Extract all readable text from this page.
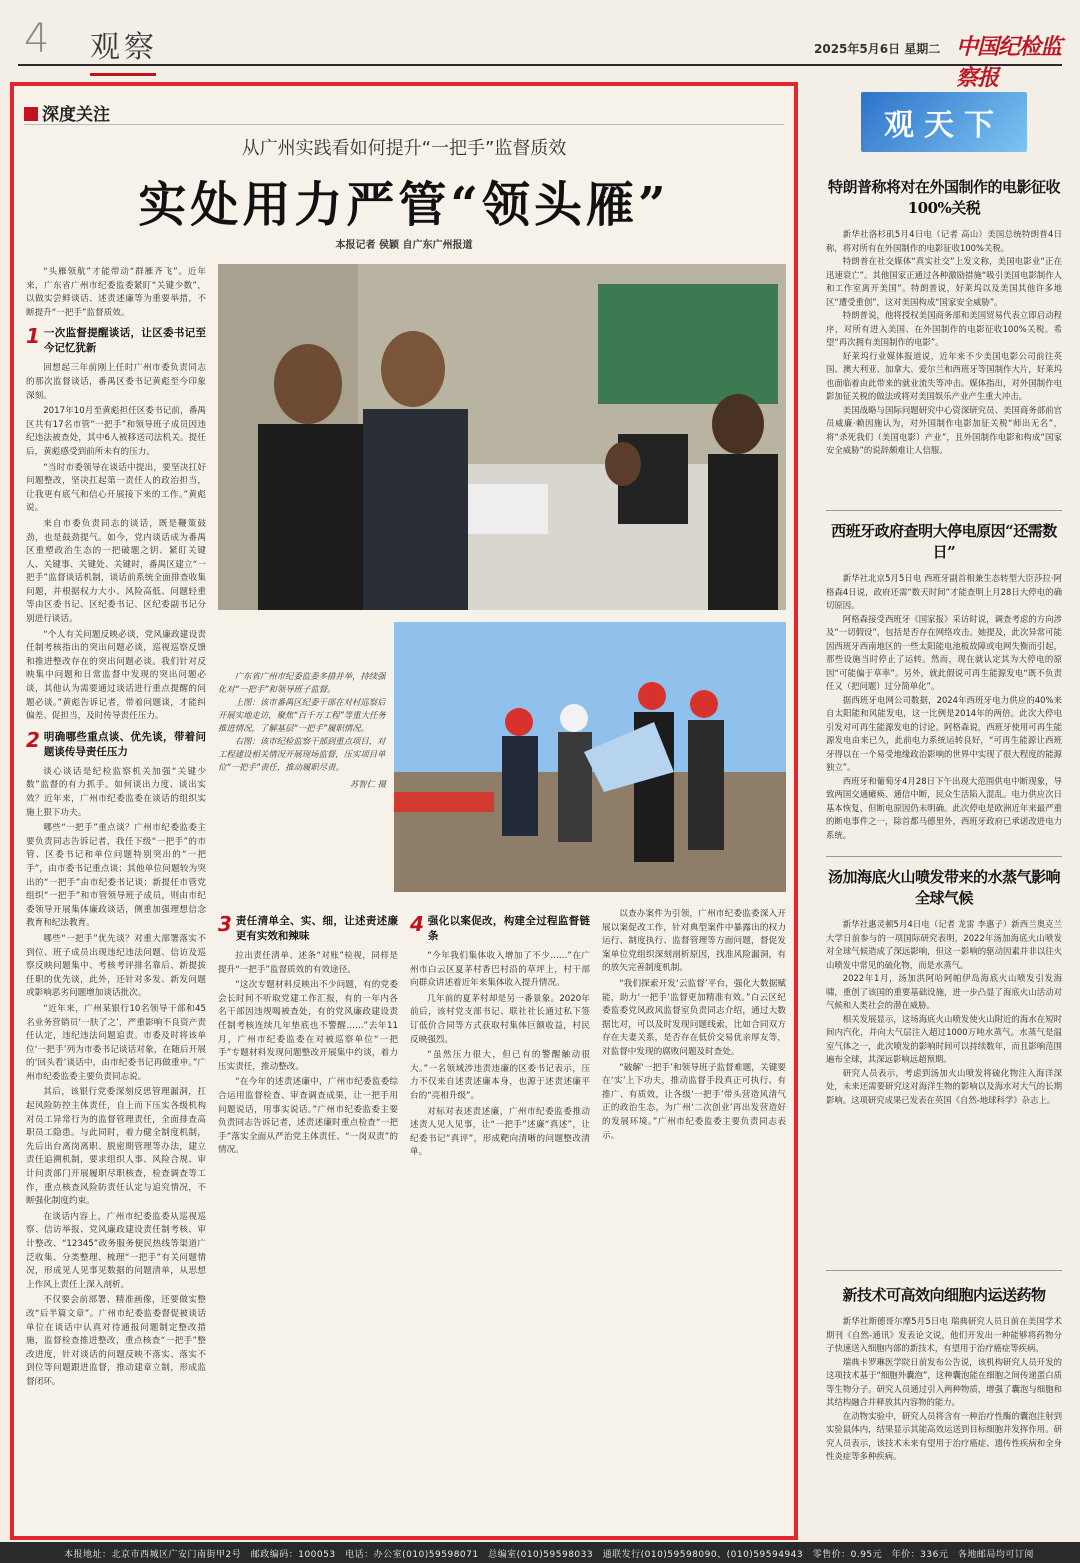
4 观察	2025年5月6日 星期二 中国纪检监察报
深度关注
从广州实践看如何提升“一把手”监督质效
实处用力严管“领头雁”
本报记者 侯颖 自广东广州报道

“头雁领航”才能带动“群雁齐飞”。近年来，广东省广州市纪委监委紧盯“关键少数”，以做实尝鲜谈话、述责述廉等为重要举措，不断提升“一把手”监督质效。

1 一次监督提醒谈话，让区委书记至今记忆犹新

回想起三年前刚上任时广州市委负责同志的那次监督谈话，番禺区委书记黄彪至今印象深刻。

2017年10月至黄彪担任区委书记前，番禺区共有17名市管“一把手”和领导班子成员因违纪违法被查处，其中6人被移送司法机关。提任后，黄彪感受到前所未有的压力。

“当时市委领导在谈话中提出，要坚决扛好问题整改，坚决扛起第一责任人的政治担当，让我更有底气和信心开展接下来的工作。”黄彪说。

来自市委负责同志的谈话，既是鞭策鼓劲，也是鼓劲提气。如今，党内谈话成为番禺区重塑政治生态的一把破题之钥、紧盯关键人、关键事、关键处、关键时，番禺区建立“一把手”监督谈话机制，谈话前系统全面排查收集问题，并根据权力大小、风险高低、问题轻重等由区委书记、区纪委书记、区纪委副书记分别进行谈话。

“个人有关问题反映必谈，党风廉政建设责任制考核指出的突出问题必谈，巡视巡察反馈和推进整改存在的突出问题必谈。我们针对反映集中问题和日常监督中发现的突出问题必谈，其他认为需要通过谈话进行重点提醒的问题必谈。”黄彪告诉记者，带着问题谈，才能纠偏差、促担当，及时传导责任压力。

2 明确哪些重点谈、优先谈，带着问题谈传导责任压力

谈心谈话是纪检监察机关加强“关键少数”监督的有力抓手。如何谈出力度、谈出实效？近年来，广州市纪委监委在谈话的组织实施上狠下功夫。

哪些“一把手”重点谈？广州市纪委监委主要负责同志告诉记者，我任下级“一把手”的市管、区委书记和单位问题特别突出的“一把手”，由市委书记重点谈；其他单位问题较为突出的“一把手”由市纪委书记谈；新提任市管党组织“一把手”和市管领导班子成员，则由市纪委领导开展集体廉政谈话，侧重加强理想信念教育和纪法教育。

哪些“一把手”优先谈？对重大部署落实不到位、班子成员出现违纪违法问题、信访及巡察反映问题集中、考核考评排名靠后、新提拔任职的优先谈，此外，还针对多发、新发问题或影响恶劣问题增加谈话批次。

“近年来，广州某银行10名领导干部和45名业务营销员‘一肤了之’，严重影响不良资产责任认定，违纪违法问题追责。市委及时将该单位‘一把手’列为市委书记谈话对象，在随后开展的‘回头看’谈话中，由市纪委书记再做重申。”广州市纪委监委主要负责同志说。

其后，该银行党委深刻反思管理漏洞，扛起风险防控主体责任，自上而下压实各级机构对员工异常行为的监督管理责任，全面排查高职员工隐患。与此同时，着力健全制度机制，先后出台离岗离职、脱密期管理等办法，建立责任追溯机制，要求组织人事、风险合规、审计问责部门开展履职尽职核查，检查调查等工作，重点核查风险防责任认定与追究情况，不断强化制度约束。

在谈话内容上，广州市纪委监委从巡视巡察、信访举报、党风廉政建设责任制考核、审计整改、“12345”政务服务便民热线等渠道广泛收集、分类整理、梳理“一把手”有关问题情况，形成见人见事见数据的问题清单，从思想上作风上责任上深入剖析。

不仅要会前部署、精准画像，还要做实整改“后半篇文章”。广州市纪委监委督促被谈话单位在谈话中认真对待通报问题制定整改措施，监督检查推进整改，重点核查“一把手”整改进度，针对谈话的问题反映不落实、落实不到位等问题跟进监督，推动建章立制，形成监督闭环。

广东省广州市纪委监委多措并举，持续强化对“一把手”和领导班子监督。

上图：该市番禺区纪委干部在对村巡察后开展实地走访，聚焦“百千万工程”等重大任务推进情况，了解基层“一把手”履职情况。

右图：该市纪检监察干部到重点项目，对工程建设相关情况开展现场监督，压实项目单位“一把手”责任，推动履职尽责。

苏智仁 摄
3 责任清单全、实、细，让述责述廉更有实效和辣味

拉出责任清单、述条“对账”检视，同样是提升“一把手”监督质效的有效途径。

“这次专题材料反映出不少问题，有的党委会长时间不听取党建工作汇报，有的一年内各名干部因违规喝被查处，有的党风廉政建设责任制考核连续几年垫底也不警醒……”去年11月，广州市纪委监委在对被巡察单位“一把手”专题材料发现问题整改开展集中约谈，着力压实责任，推动整改。

“在今年的述责述廉中，广州市纪委监委综合运用监督检查、审查调查成果，让一把手用问题说话，用事实说话。”广州市纪委监委主要负责同志告诉记者，述责述廉时重点检查“一把手”落实全面从严治党主体责任、“一岗双责”的情况。

4 强化以案促改，构建全过程监督链条

“今年我们集体收入增加了不少……”在广州市白云区夏茅村香巴村沿的草坪上，村干部向群众讲述着近年来集体收入提升情况。

几年前的夏茅村却是另一番景象。2020年前后，该村党支部书记、联社社长通过私下签订低价合同等方式获取村集体巨额收益，村民反映强烈。

“虽然压力很大，但已有的警醒触动很大。”一名领域涉违责违廉的区委书记表示，压力不仅来自述责述廉本身，也源于述责述廉平台的“亮相升级”。

对标对表述责述廉，广州市纪委监委推动述责人见人见事，让“一把手”述廉“真述”，让纪委书记“真评”，形成靶向清晰的问题整改清单。

以查办案件为引领，广州市纪委监委深入开展以案促改工作，针对典型案件中暴露出的权力运行、制度执行、监督管理等方面问题，督促发案单位党组织深刻剖析原因，找准风险漏洞，有的放矢完善制度机制。

“我们探索开发‘云监督’平台，强化大数据赋能，助力‘一把手’监督更加精准有效。”白云区纪委监委党风政风监督室负责同志介绍，通过大数据比对，可以及时发现问题线索，比如合同双方存在夫妻关系，是否存在低价交易优亲厚友等，对监督中发现的腐败问题及时查处。

“破解‘一把手’和领导班子监督难题，关键要在‘实’上下功夫，推动监督手段真正可执行、有推广、有质效，让各级‘一把手’带头营造风清气正的政治生态，为广州‘二次创业’再出发营造好的发展环境。”广州市纪委监委主要负责同志表示。

观天下
特朗普称将对在外国制作的电影征收100%关税

新华社洛杉矶5月4日电（记者 高山）美国总统特朗普4日称，将对所有在外国制作的电影征收100%关税。

特朗普在社交媒体“真实社交”上发文称，美国电影业“正在迅速衰亡”。其他国家正通过各种激励措施“吸引美国电影制作人和工作室离开美国”。特朗普说，好莱坞以及美国其他许多地区“遭受重创”，这对美国构成“国家安全威胁”。

特朗普说，他将授权美国商务部和美国贸易代表立即启动程序，对所有进入美国、在外国制作的电影征收100%关税。希望“再次拥有美国制作的电影”。

好莱坞行业媒体报道说，近年来不少美国电影公司前往英国、澳大利亚、加拿大、爱尔兰和西班牙等国制作大片，好莱坞也面临着由此带来的就业流失等冲击。媒体指出，对外国制作电影加征关税的做法或将对美国娱乐产业产生重大冲击。

美国战略与国际问题研究中心资深研究员、美国商务部前官员威廉·赖因施认为，对外国制作电影加征关税“师出无名”，将“杀死我们（美国电影）产业”，且外国制作电影和构成“国家安全威胁”的说辞颇难让人信服。

西班牙政府查明大停电原因“还需数日”

新华社北京5月5日电 西班牙副首相兼生态转型大臣莎拉·阿格森4日说，政府还需“数天时间”才能查明上月28日大停电的确切原因。

阿格森接受西班牙《国家报》采访时说，调查考虑的方向涉及“一切假设”，包括是否存在网络攻击。她提及，此次异常可能因西班牙西南地区的一些太阳能电池板故障或电网失衡而引起，那些设施当时停止了运转。然而，现在就认定其为大停电的原因“可能偏于草率”。另外，就此假说可再生能源发电“既不负责任又（把问题）过分简单化”。

据西班牙电网公司数据，2024年西班牙电力供应的40%来自太阳能和风能发电，这一比例是2014年的两倍。此次大停电引发对可再生能源发电的讨论。阿格森说，西班牙使用可再生能源发电由来已久，此前电力系统运转良好，“可再生能源让西班牙得以在一个易受地缘政治影响的世界中实现了很大程度的能源独立”。

西班牙和葡萄牙4月28日下午出现大范围供电中断现象，导致两国交通瘫痪、通信中断，民众生活陷入混乱。电力供应次日基本恢复，但断电原因仍未明确。此次停电是欧洲近年来最严重的断电事件之一，除首都马德里外，西班牙政府已承诺改进电力系统。

汤加海底火山喷发带来的水蒸气影响全球气候

新华社惠灵顿5月4日电（记者 龙雷 李惠子）新西兰奥克兰大学日前参与的一项国际研究表明，2022年汤加海底火山喷发对全球气候造成了深远影响，但这一影响的驱动因素并非以往火山喷发中常见的硫化物，而是水蒸气。

2022年1月，汤加洪阿哈阿帕伊岛海底火山喷发引发海啸，重创了该国的重要基础设施，进一步凸显了海底火山活动对气候和人类社会的潜在威胁。

相关发展显示，这场海底火山喷发使火山附近的海水在短时间内汽化，并向大气层注入超过1000万吨水蒸气。水蒸气是温室气体之一，此次喷发的影响时间可以持续数年，而且影响范围遍布全球，其深远影响远超预期。

研究人员表示，考虑到汤加火山喷发将硫化物注入海洋深处，未来还需要研究这对海洋生物的影响以及海水对大气的长期影响。这项研究成果已发表在英国《自然-地球科学》杂志上。

新技术可高效向细胞内运送药物

新华社斯德哥尔摩5月5日电 瑞典研究人员日前在美国学术期刊《自然-通讯》发表论文说，他们开发出一种能够将药物分子快速送入细胞内部的新技术，有望用于治疗癌症等疾病。

瑞典卡罗琳医学院日前发布公告说，该机构研究人员开发的这项技术基于“细胞外囊泡”，这种囊泡能在细胞之间传递蛋白质等生物分子。研究人员通过引入两种物质，增强了囊泡与细胞和其结构融合并释放其内容物的能力。

在动物实验中，研究人员将含有一种治疗性酶的囊泡注射到实验鼠体内，结果显示其能高效运送到目标细胞并发挥作用。研究人员表示，该技术未来有望用于治疗癌症、遗传性疾病和全身性炎症等多种疾病。

本报地址：北京市西城区广安门南街甲2号　邮政编码：100053　电话：办公室(010)59598071　总编室(010)59598033　通联发行(010)59598090、(010)59594943　零售价：0.95元　年价：336元　各地邮局均可订阅
